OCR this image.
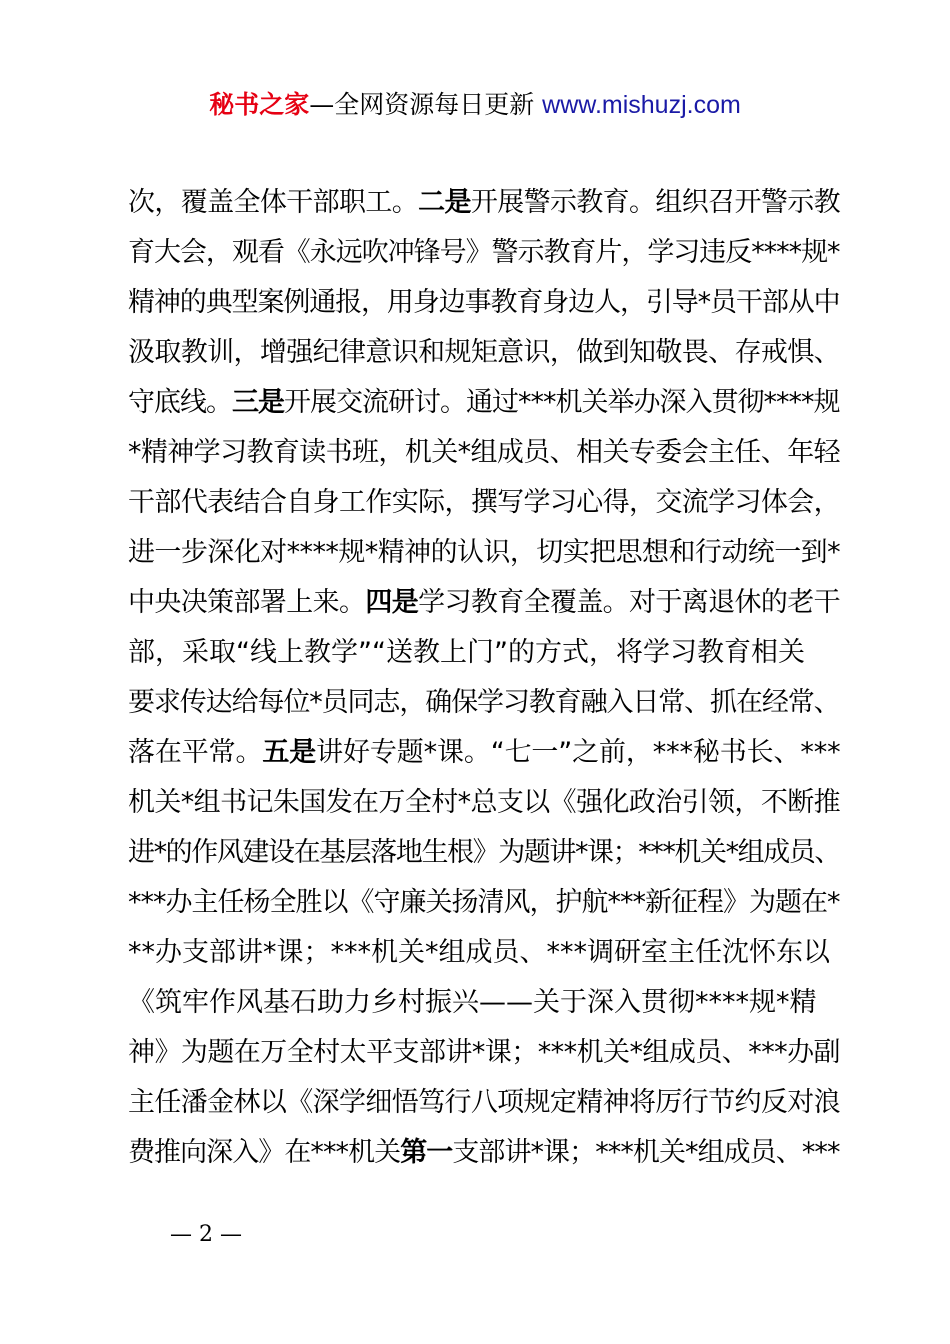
秘书之家—全网资源每日更新 www.mishuzj.com
次，覆盖全体干部职工。二是开展警示教育。组织召开警示教
育大会，观看《永远吹冲锋号》警示教育片，学习违反****规*
精神的典型案例通报，用身边事教育身边人，引导*员干部从中
汲取教训，增强纪律意识和规矩意识，做到知敬畏、存戒惧、
守底线。三是开展交流研讨。通过***机关举办深入贯彻****规
*精神学习教育读书班，机关*组成员、相关专委会主任、年轻
干部代表结合自身工作实际，撰写学习心得，交流学习体会，
进一步深化对****规*精神的认识，切实把思想和行动统一到*
中央决策部署上来。四是学习教育全覆盖。对于离退休的老干
部，采取“线上教学”“送教上门”的方式，将学习教育相关
要求传达给每位*员同志，确保学习教育融入日常、抓在经常、
落在平常。五是讲好专题*课。“七一”之前，***秘书长、***
机关*组书记朱国发在万全村*总支以《强化政治引领，不断推
进*的作风建设在基层落地生根》为题讲*课；***机关*组成员、
***办主任杨全胜以《守廉关扬清风，护航***新征程》为题在*
**办支部讲*课；***机关*组成员、***调研室主任沈怀东以
《筑牢作风基石助力乡村振兴——关于深入贯彻****规*精
神》为题在万全村太平支部讲*课；***机关*组成员、***办副
主任潘金林以《深学细悟笃行八项规定精神将厉行节约反对浪
费推向深入》在***机关第一支部讲*课；***机关*组成员、***
— 2 —
